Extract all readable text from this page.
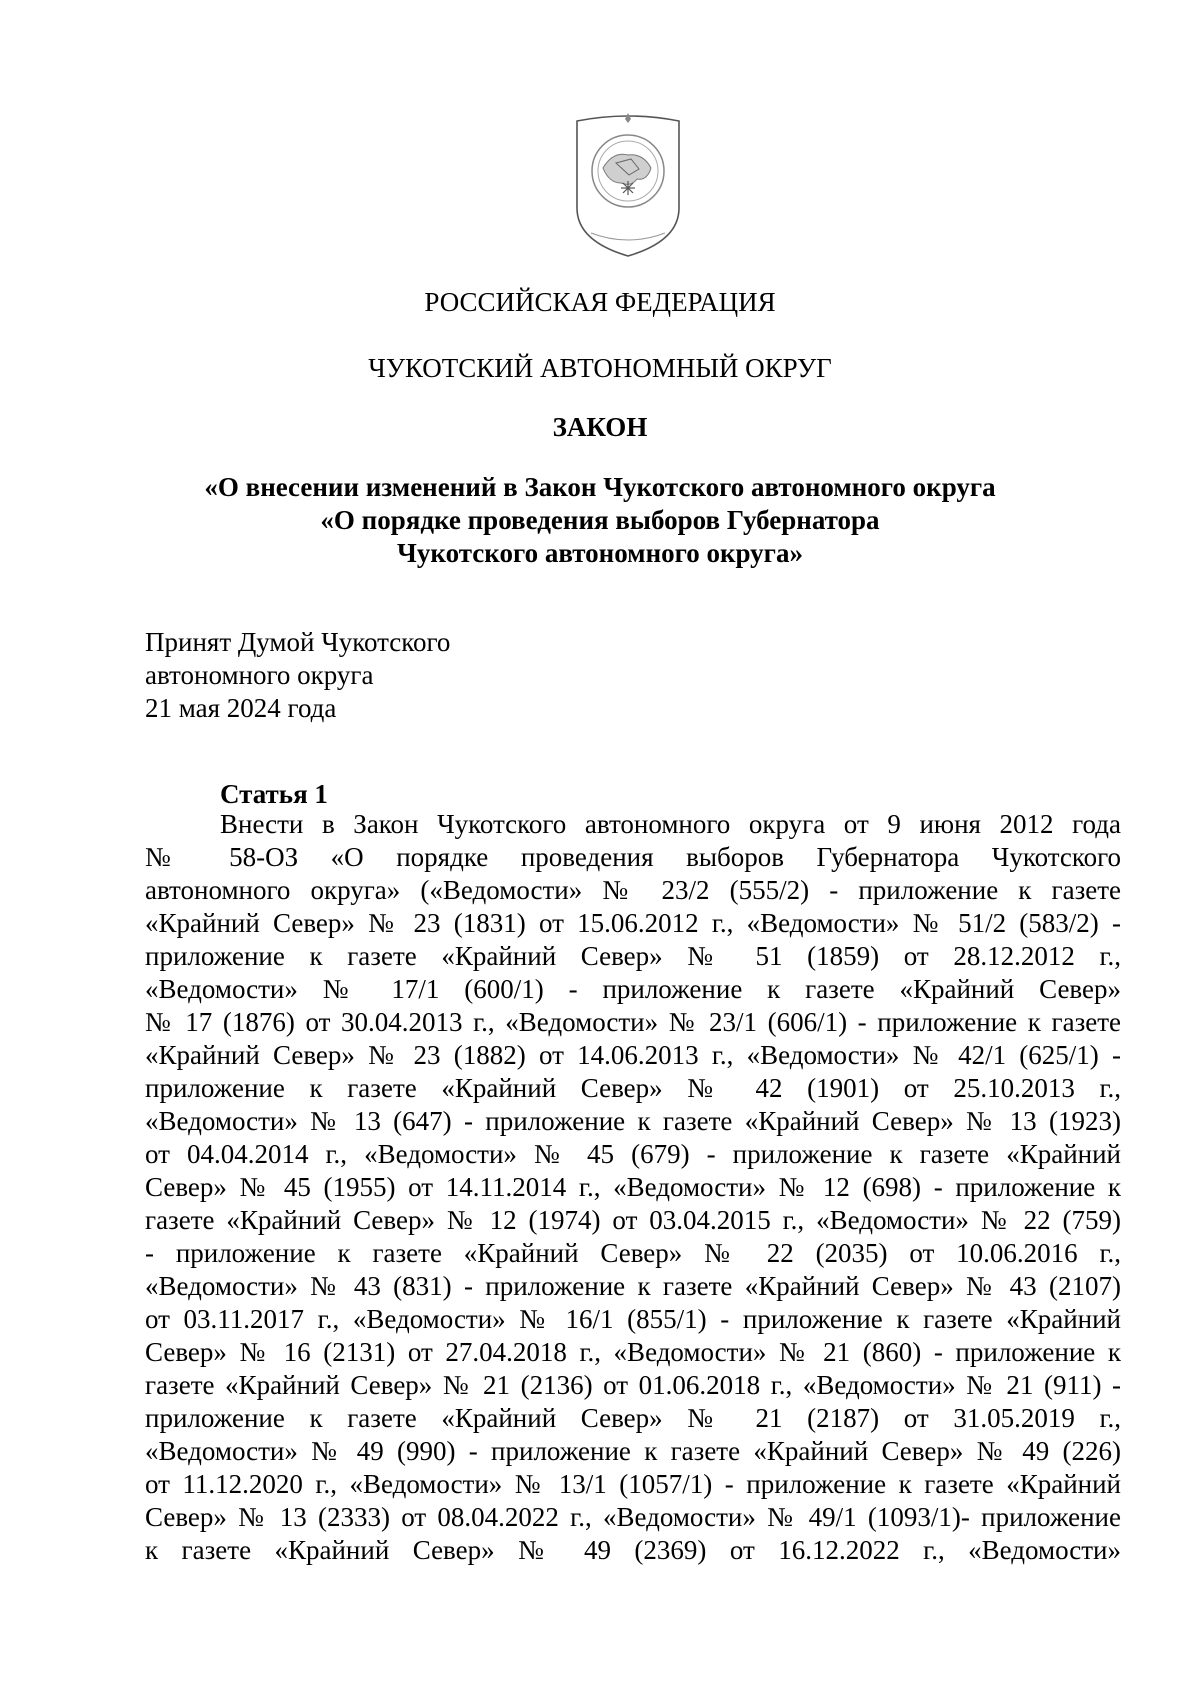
РОССИЙСКАЯ ФЕДЕРАЦИЯ
ЧУКОТСКИЙ АВТОНОМНЫЙ ОКРУГ
ЗАКОН
«О внесении изменений в Закон Чукотского автономного округа
«О порядке проведения выборов Губернатора
Чукотского автономного округа»
Принят Думой Чукотского
автономного округа
21 мая 2024 года
Статья 1
Внести в Закон Чукотского автономного округа от 9 июня 2012 года
№ 58-ОЗ «О порядке проведения выборов Губернатора Чукотского
автономного округа» («Ведомости» № 23/2 (555/2) - приложение к газете
«Крайний Север» № 23 (1831) от 15.06.2012 г., «Ведомости» № 51/2 (583/2) -
приложение к газете «Крайний Север» № 51 (1859) от 28.12.2012 г.,
«Ведомости» № 17/1 (600/1) - приложение к газете «Крайний Север»
№ 17 (1876) от 30.04.2013 г., «Ведомости» № 23/1 (606/1) - приложение к газете
«Крайний Север» № 23 (1882) от 14.06.2013 г., «Ведомости» № 42/1 (625/1) -
приложение к газете «Крайний Север» № 42 (1901) от 25.10.2013 г.,
«Ведомости» № 13 (647) - приложение к газете «Крайний Север» № 13 (1923)
от 04.04.2014 г., «Ведомости» № 45 (679) - приложение к газете «Крайний
Север» № 45 (1955) от 14.11.2014 г., «Ведомости» № 12 (698) - приложение к
газете «Крайний Север» № 12 (1974) от 03.04.2015 г., «Ведомости» № 22 (759)
- приложение к газете «Крайний Север» № 22 (2035) от 10.06.2016 г.,
«Ведомости» № 43 (831) - приложение к газете «Крайний Север» № 43 (2107)
от 03.11.2017 г., «Ведомости» № 16/1 (855/1) - приложение к газете «Крайний
Север» № 16 (2131) от 27.04.2018 г., «Ведомости» № 21 (860) - приложение к
газете «Крайний Север» № 21 (2136) от 01.06.2018 г., «Ведомости» № 21 (911) -
приложение к газете «Крайний Север» № 21 (2187) от 31.05.2019 г.,
«Ведомости» № 49 (990) - приложение к газете «Крайний Север» № 49 (226)
от 11.12.2020 г., «Ведомости» № 13/1 (1057/1) - приложение к газете «Крайний
Север» № 13 (2333) от 08.04.2022 г., «Ведомости» № 49/1 (1093/1)- приложение
к газете «Крайний Север» № 49 (2369) от 16.12.2022 г., «Ведомости»
